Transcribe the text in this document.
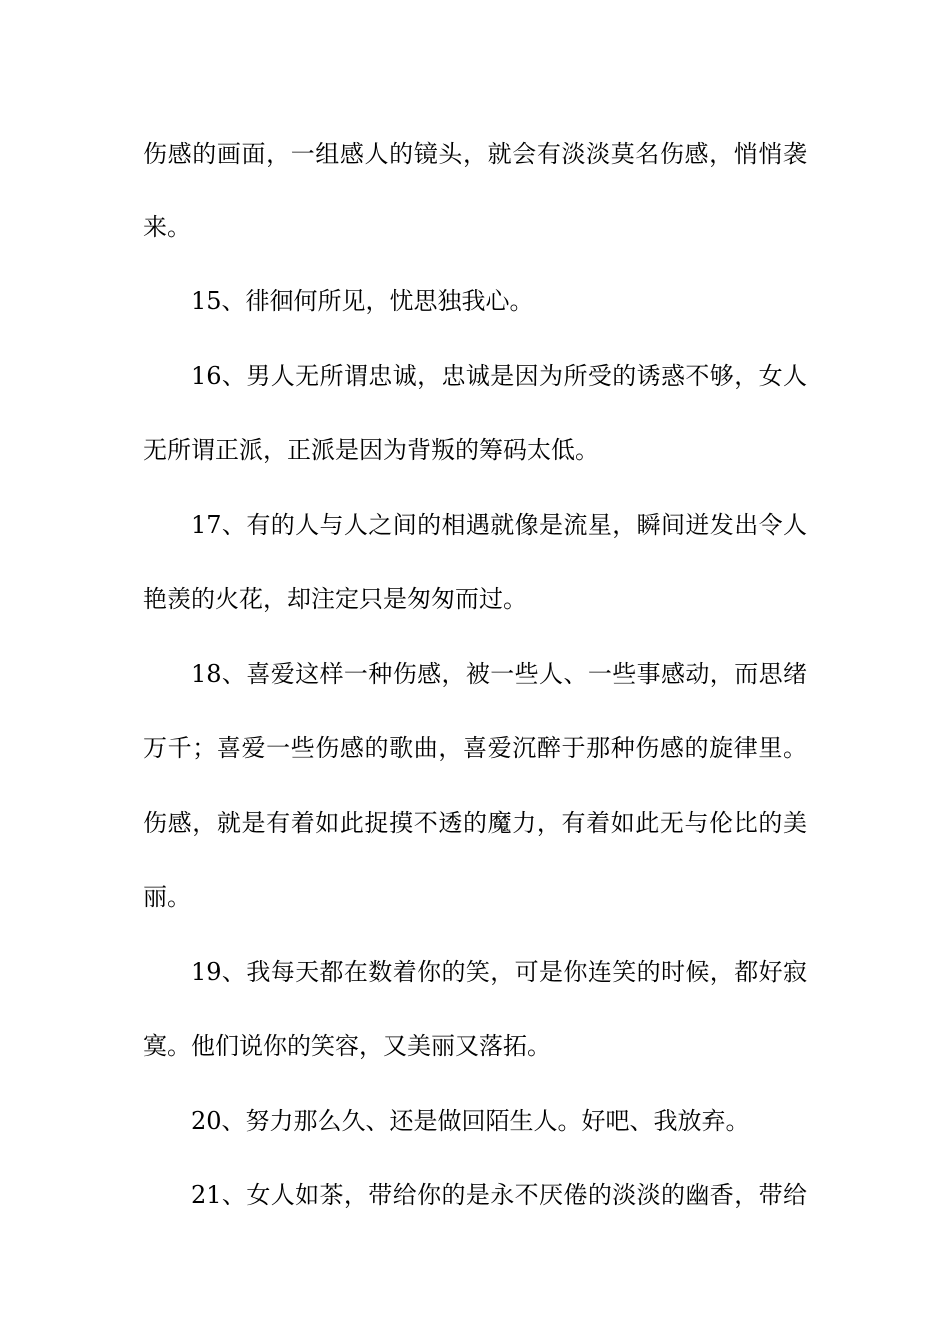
伤感的画面，一组感人的镜头，就会有淡淡莫名伤感，悄悄袭
来。
15、徘徊何所见，忧思独我心。
16、男人无所谓忠诚，忠诚是因为所受的诱惑不够，女人
无所谓正派，正派是因为背叛的筹码太低。
17、有的人与人之间的相遇就像是流星，瞬间迸发出令人
艳羡的火花，却注定只是匆匆而过。
18、喜爱这样一种伤感，被一些人、一些事感动，而思绪
万千；喜爱一些伤感的歌曲，喜爱沉醉于那种伤感的旋律里。
伤感，就是有着如此捉摸不透的魔力，有着如此无与伦比的美
丽。
19、我每天都在数着你的笑，可是你连笑的时候，都好寂
寞。他们说你的笑容，又美丽又落拓。
20、努力那么久、还是做回陌生人。好吧、我放弃。
21、女人如茶，带给你的是永不厌倦的淡淡的幽香，带给
